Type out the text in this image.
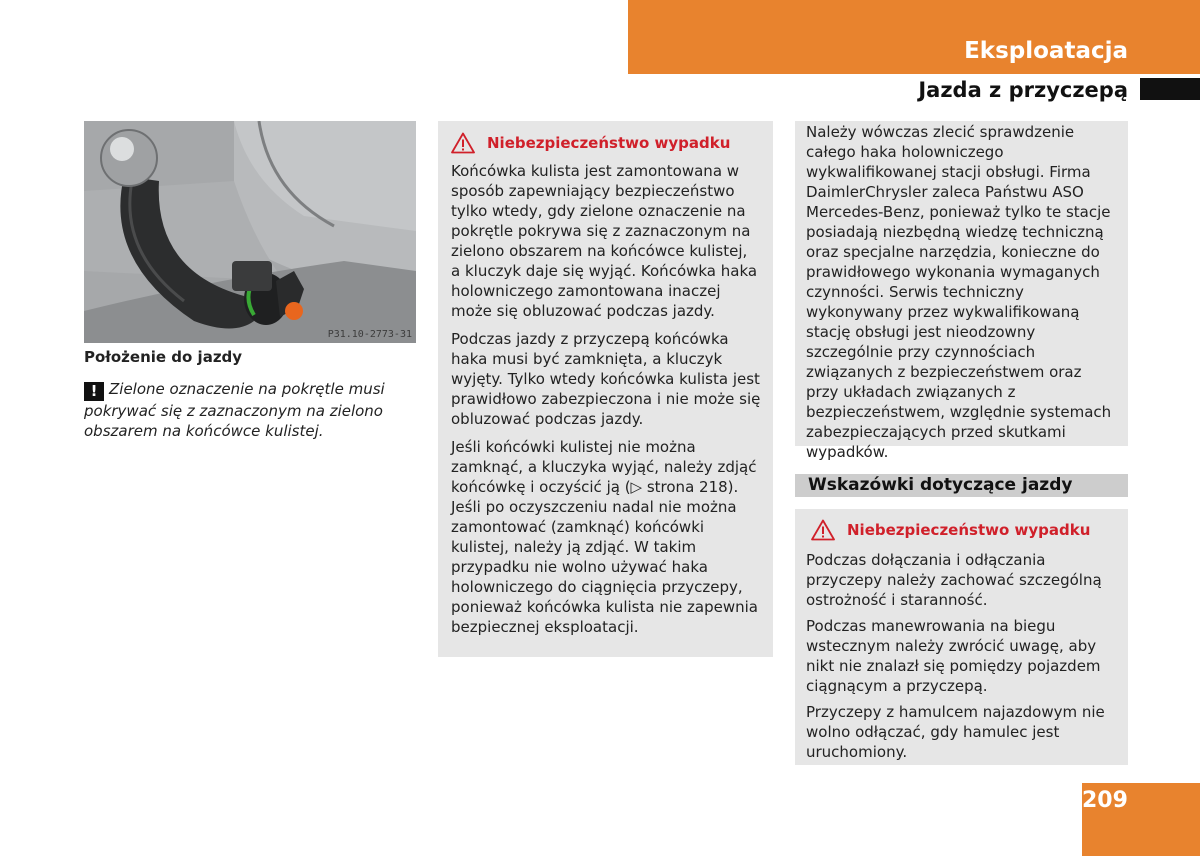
Eksploatacja
Jazda z przyczepą
P31.10-2773-31
Położenie do jazdy
! Zielone oznaczenie na pokrętle musi pokrywać się z zaznaczonym na zielono obszarem na końcówce kulistej.
Niebezpieczeństwo wypadku

Końcówka kulista jest zamontowana w sposób zapewniający bezpieczeństwo tylko wtedy, gdy zielone oznaczenie na pokrętle pokrywa się z zaznaczonym na zielono obszarem na końcówce kulistej, a kluczyk daje się wyjąć. Końcówka haka holowniczego zamontowana inaczej może się obluzować podczas jazdy.

Podczas jazdy z przyczepą końcówka haka musi być zamknięta, a kluczyk wyjęty. Tylko wtedy końcówka kulista jest prawidłowo zabezpieczona i nie może się obluzować podczas jazdy.

Jeśli końcówki kulistej nie można zamknąć, a kluczyka wyjąć, należy zdjąć końcówkę i oczyścić ją (▷ strona 218). Jeśli po oczyszczeniu nadal nie można zamontować (zamknąć) końcówki kulistej, należy ją zdjąć. W takim przypadku nie wolno używać haka holowniczego do ciągnięcia przyczepy, ponieważ końcówka kulista nie zapewnia bezpiecznej eksploatacji.

Należy wówczas zlecić sprawdzenie całego haka holowniczego wykwalifikowanej stacji obsługi. Firma DaimlerChrysler zaleca Państwu ASO Mercedes-Benz, ponieważ tylko te stacje posiadają niezbędną wiedzę techniczną oraz specjalne narzędzia, konieczne do prawidłowego wykonania wymaganych czynności. Serwis techniczny wykonywany przez wykwalifikowaną stację obsługi jest nieodzowny szczególnie przy czynnościach związanych z bezpieczeństwem oraz przy układach związanych z bezpieczeństwem, względnie systemach zabezpieczających przed skutkami wypadków.

Wskazówki dotyczące jazdy
Niebezpieczeństwo wypadku

Podczas dołączania i odłączania przyczepy należy zachować szczególną ostrożność i staranność.

Podczas manewrowania na biegu wstecznym należy zwrócić uwagę, aby nikt nie znalazł się pomiędzy pojazdem ciągnącym a przyczepą.

Przyczepy z hamulcem najazdowym nie wolno odłączać, gdy hamulec jest uruchomiony.

209
